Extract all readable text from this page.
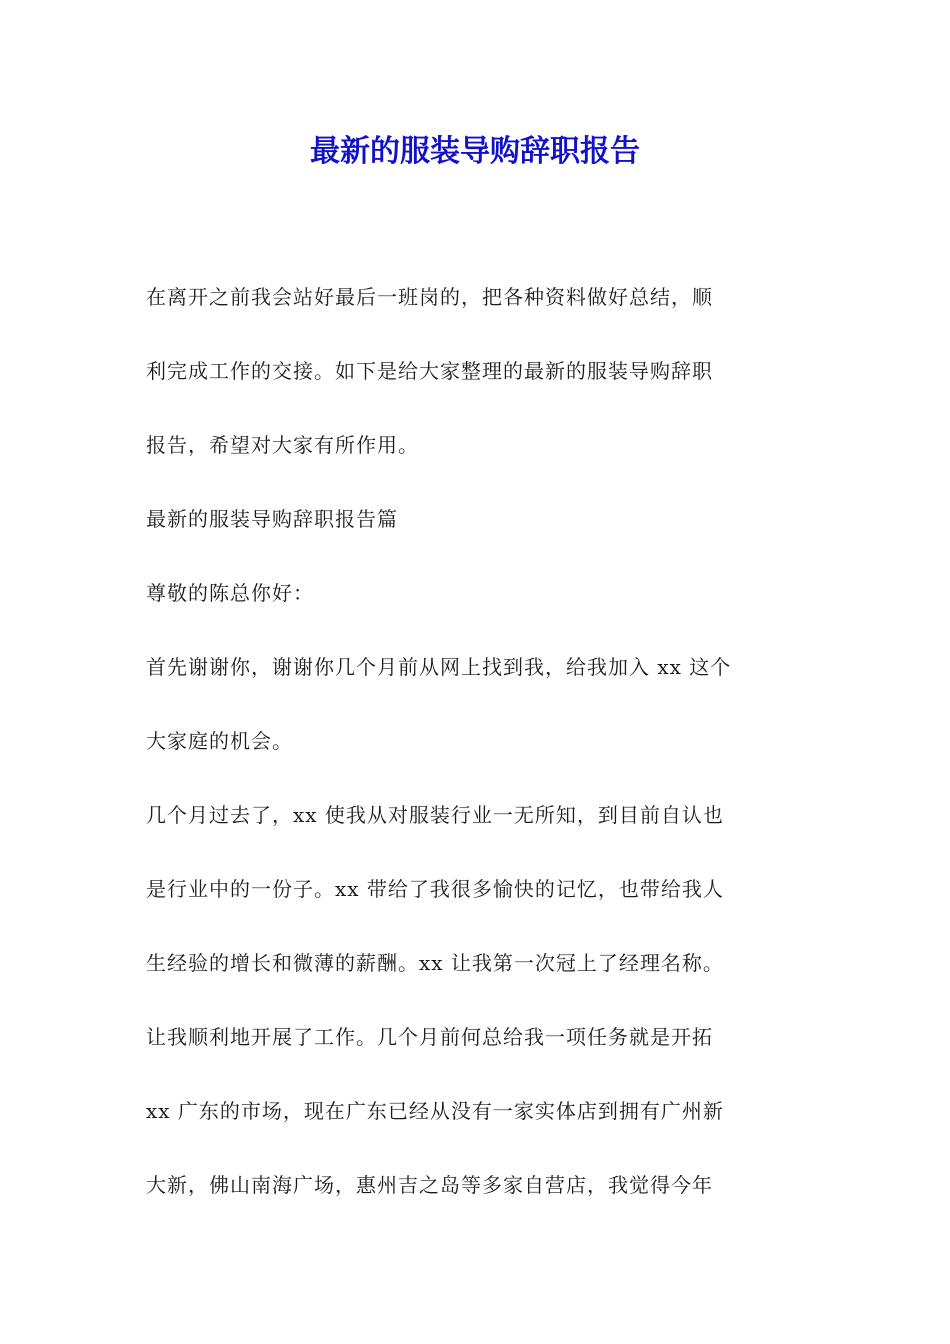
最新的服装导购辞职报告

在离开之前我会站好最后一班岗的，把各种资料做好总结，顺
利完成工作的交接。如下是给大家整理的最新的服装导购辞职
报告，希望对大家有所作用。

最新的服装导购辞职报告篇

尊敬的陈总你好：

首先谢谢你，谢谢你几个月前从网上找到我，给我加入 xx 这个
大家庭的机会。

几个月过去了，xx 使我从对服装行业一无所知，到目前自认也
是行业中的一份子。xx 带给了我很多愉快的记忆，也带给我人
生经验的增长和微薄的薪酬。xx 让我第一次冠上了经理名称。
让我顺利地开展了工作。几个月前何总给我一项任务就是开拓
xx 广东的市场，现在广东已经从没有一家实体店到拥有广州新
大新，佛山南海广场，惠州吉之岛等多家自营店，我觉得今年
